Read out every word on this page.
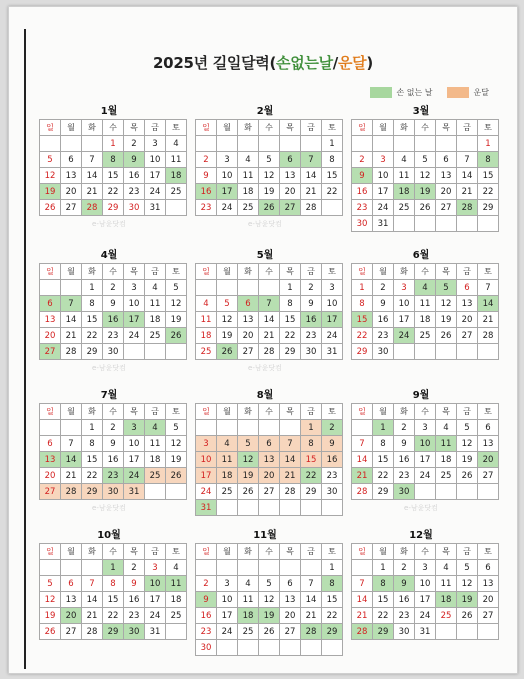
2025년 길일달력(손없는날/운달)
손 없는 날	운달
1월
일	월	화	수	목	금	토
			1	2	3	4
5	6	7	8	9	10	11
12	13	14	15	16	17	18
19	20	21	22	23	24	25
26	27	28	29	30	31	
e-남윤닷컴
2월
일	월	화	수	목	금	토
						1
2	3	4	5	6	7	8
9	10	11	12	13	14	15
16	17	18	19	20	21	22
23	24	25	26	27	28	
e-남윤닷컴
3월
일	월	화	수	목	금	토
						1
2	3	4	5	6	7	8
9	10	11	12	13	14	15
16	17	18	19	20	21	22
23	24	25	26	27	28	29
30	31					
4월
일	월	화	수	목	금	토
		1	2	3	4	5
6	7	8	9	10	11	12
13	14	15	16	17	18	19
20	21	22	23	24	25	26
27	28	29	30			
e-남윤닷컴
5월
일	월	화	수	목	금	토
				1	2	3
4	5	6	7	8	9	10
11	12	13	14	15	16	17
18	19	20	21	22	23	24
25	26	27	28	29	30	31
e-남윤닷컴
6월
일	월	화	수	목	금	토
1	2	3	4	5	6	7
8	9	10	11	12	13	14
15	16	17	18	19	20	21
22	23	24	25	26	27	28
29	30					
7월
일	월	화	수	목	금	토
		1	2	3	4	5
6	7	8	9	10	11	12
13	14	15	16	17	18	19
20	21	22	23	24	25	26
27	28	29	30	31		
e-남윤닷컴
8월
일	월	화	수	목	금	토
					1	2
3	4	5	6	7	8	9
10	11	12	13	14	15	16
17	18	19	20	21	22	23
24	25	26	27	28	29	30
31						
9월
일	월	화	수	목	금	토
	1	2	3	4	5	6
7	8	9	10	11	12	13
14	15	16	17	18	19	20
21	22	23	24	25	26	27
28	29	30				
e-남윤닷컴
10월
일	월	화	수	목	금	토
			1	2	3	4
5	6	7	8	9	10	11
12	13	14	15	16	17	18
19	20	21	22	23	24	25
26	27	28	29	30	31	
11월
일	월	화	수	목	금	토
						1
2	3	4	5	6	7	8
9	10	11	12	13	14	15
16	17	18	19	20	21	22
23	24	25	26	27	28	29
30						
12월
일	월	화	수	목	금	토
	1	2	3	4	5	6
7	8	9	10	11	12	13
14	15	16	17	18	19	20
21	22	23	24	25	26	27
28	29	30	31			
